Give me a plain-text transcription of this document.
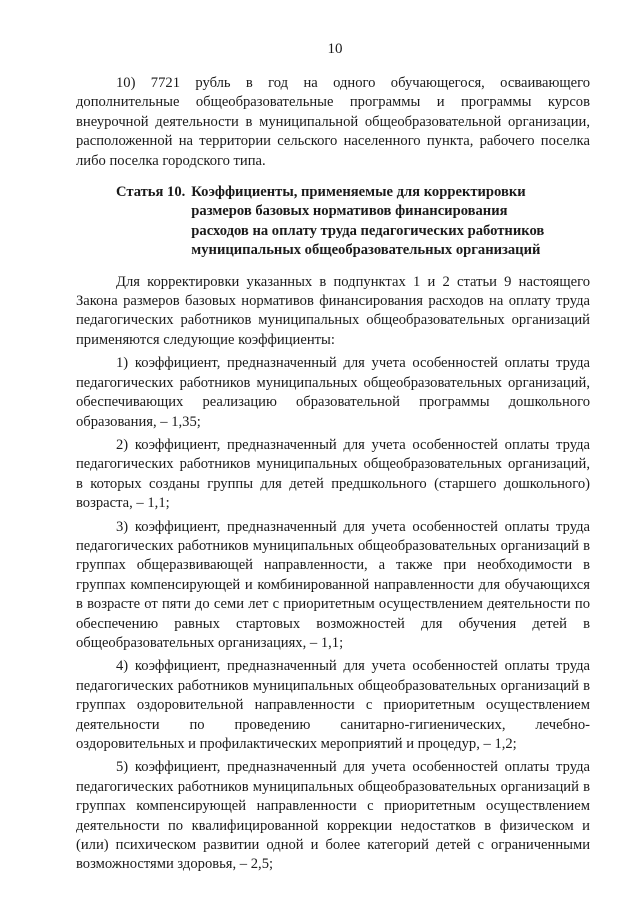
10

10) 7721 рубль в год на одного обучающегося, осваивающего дополнительные общеобразовательные программы и программы курсов внеурочной деятельности в муниципальной общеобразовательной организации, расположенной на территории сельского населенного пункта, рабочего поселка либо поселка городского типа.

Статья 10. Коэффициенты, применяемые для корректировки
размеров базовых нормативов финансирования
расходов на оплату труда педагогических работников
муниципальных общеобразовательных организаций

Для корректировки указанных в подпунктах 1 и 2 статьи 9 настоящего Закона размеров базовых нормативов финансирования расходов на оплату труда педагогических работников муниципальных общеобразовательных организаций применяются следующие коэффициенты:

1) коэффициент, предназначенный для учета особенностей оплаты труда педагогических работников муниципальных общеобразовательных организаций, обеспечивающих реализацию образовательной программы дошкольного образования, – 1,35;

2) коэффициент, предназначенный для учета особенностей оплаты труда педагогических работников муниципальных общеобразовательных организаций, в которых созданы группы для детей предшкольного (старшего дошкольного) возраста, – 1,1;

3) коэффициент, предназначенный для учета особенностей оплаты труда педагогических работников муниципальных общеобразовательных организаций в группах общеразвивающей направленности, а также при необходимости в группах компенсирующей и комбинированной направленности для обучающихся в возрасте от пяти до семи лет с приоритетным осуществлением деятельности по обеспечению равных стартовых возможностей для обучения детей в общеобразовательных организациях, – 1,1;

4) коэффициент, предназначенный для учета особенностей оплаты труда педагогических работников муниципальных общеобразовательных организаций в группах оздоровительной направленности с приоритетным осуществлением деятельности по проведению санитарно-гигиенических, лечебно-оздоровительных и профилактических мероприятий и процедур, – 1,2;

5) коэффициент, предназначенный для учета особенностей оплаты труда педагогических работников муниципальных общеобразовательных организаций в группах компенсирующей направленности с приоритетным осуществлением деятельности по квалифицированной коррекции недостатков в физическом и (или) психическом развитии одной и более категорий детей с ограниченными возможностями здоровья, – 2,5;
